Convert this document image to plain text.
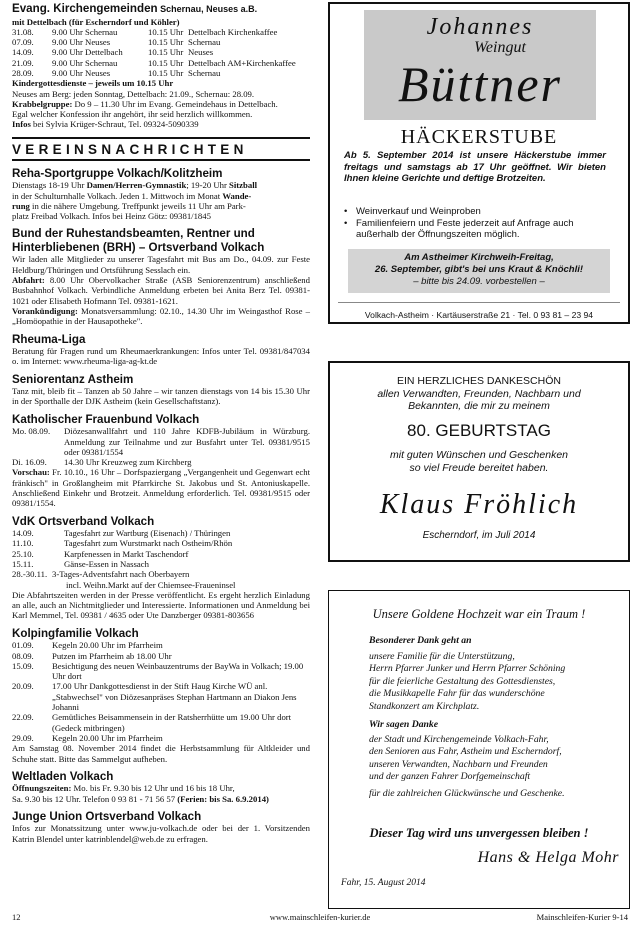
Evang. Kirchengemeinden Schernau, Neuses a.B.
mit Dettelbach (für Escherndorf und Köhler)
31.08.	9.00 Uhr Schernau	10.15 Uhr Dettelbach Kirchenkaffee
07.09.	9.00 Uhr Neuses	10.15 Uhr Schernau
14.09.	9.00 Uhr Dettelbach	10.15 Uhr Neuses
21.09.	9.00 Uhr Schernau	10.15 Uhr Dettelbach AM+Kirchenkaffee
28.09.	9.00 Uhr Neuses	10.15 Uhr Schernau
Kindergottesdienste – jeweils um 10.15 Uhr
Neuses am Berg: jeden Sonntag, Dettelbach: 21.09., Schernau: 28.09.
Krabbelgruppe: Do 9 – 11.30 Uhr im Evang. Gemeindehaus in Dettelbach.
Egal welcher Konfession ihr angehört, ihr seid herzlich willkommen.
Infos bei Sylvia Krüger-Schraut, Tel. 09324-5090339
VEREINSNACHRICHTEN
Reha-Sportgruppe Volkach/Kolitzheim
Dienstags 18-19 Uhr Damen/Herren-Gymnastik; 19-20 Uhr Sitzball
in der Schulturnhalle Volkach. Jeden 1. Mittwoch im Monat Wande-
rung in die nähere Umgebung. Treffpunkt jeweils 11 Uhr am Park-
platz Freibad Volkach. Infos bei Heinz Götz: 09381/1845
Bund der Ruhestandsbeamten, Rentner und Hinterbliebenen (BRH) – Ortsverband Volkach
Wir laden alle Mitglieder zu unserer Tagesfahrt mit Bus am Do., 04.09. zur Feste Heldburg/Thüringen und Ortsführung Sesslach ein.
Abfahrt: 8.00 Uhr Obervolkacher Straße (ASB Seniorenzentrum) anschließend Busbahnhof Volkach. Verbindliche Anmeldung erbeten bei Anita Berz Tel. 09381-1021 oder Elisabeth Hofmann Tel. 09381-1621.
Vorankündigung: Monatsversammlung: 02.10., 14.30 Uhr im Weingasthof Rose – „Homöopathie in der Hausapotheke".
Rheuma-Liga
Beratung für Fragen rund um Rheumaerkrankungen: Infos unter Tel. 09381/847034 o. im Internet: www.rheuma-liga-ag-kt.de
Seniorentanz Astheim
Tanz mit, bleib fit – Tanzen ab 50 Jahre – wir tanzen dienstags von 14 bis 15.30 Uhr in der Sporthalle der DJK Astheim (kein Gesellschaftstanz).
Katholischer Frauenbund Volkach
Mo. 08.09.	Diözesanwallfahrt und 110 Jahre KDFB-Jubiläum in Würzburg. Anmeldung zur Teilnahme und zur Busfahrt unter Tel. 09381/9515 oder 09381/1554
Di. 16.09.	14.30 Uhr Kreuzweg zum Kirchberg
Vorschau: Fr. 10.10., 16 Uhr – Dorfspaziergang „Vergangenheit und Gegenwart echt fränkisch" in Großlangheim mit Pfarrkirche St. Jakobus und St. Antoniuskapelle. Anschließend Einkehr und Brotzeit. Anmeldung erforderlich. Tel. 09381/9515 oder 09381/1554.
VdK Ortsverband Volkach
14.09.	Tagesfahrt zur Wartburg (Eisenach) / Thüringen
11.10.	Tagesfahrt zum Wurstmarkt nach Ostheim/Rhön
25.10.	Karpfenessen in Markt Taschendorf
15.11.	Gänse-Essen in Nassach
28.-30.11. 3-Tages-Adventsfahrt nach Oberbayern
incl. Weihn.Markt auf der Chiemsee-Fraueninsel
Die Abfahrtszeiten werden in der Presse veröffentlicht. Es ergeht herzlich Einladung an alle, auch an Nichtmitglieder und Interessierte. Informationen und Anmeldung bei Karl Memmel, Tel. 09381 / 4635 oder Ute Danzberger 09381-803656
Kolpingfamilie Volkach
01.09.	Kegeln 20.00 Uhr im Pfarrheim
08.09.	Putzen im Pfarrheim ab 18.00 Uhr
15.09.	Besichtigung des neuen Weinbauzentrums der BayWa in Volkach; 19.00 Uhr dort
20.09.	17.00 Uhr Dankgottesdienst in der Stift Haug Kirche WÜ anl. „Stabwechsel" von Diözesanpräses Stephan Hartmann an Diakon Jens Johanni
22.09.	Gemütliches Beisammensein in der Ratsherrhütte um 19.00 Uhr dort (Gedeck mitbringen)
29.09.	Kegeln 20.00 Uhr im Pfarrheim
Am Samstag 08. November 2014 findet die Herbstsammlung für Altkleider und Schuhe statt. Bitte das Sammelgut aufheben.
Weltladen Volkach
Öffnungszeiten: Mo. bis Fr. 9.30 bis 12 Uhr und 16 bis 18 Uhr,
Sa. 9.30 bis 12 Uhr. Telefon 0 93 81 - 71 56 57 (Ferien: bis Sa. 6.9.2014)
Junge Union Ortsverband Volkach
Infos zur Monatssitzung unter www.ju-volkach.de oder bei der 1. Vorsitzenden Katrin Blendel unter katrinblendel@web.de zu erfragen.
Johannes
Weingut
Büttner
HÄCKERSTUBE
Ab 5. September 2014 ist unsere Häckerstube immer freitags und samstags ab 17 Uhr geöffnet. Wir bieten Ihnen kleine Gerichte und deftige Brotzeiten.
• Weinverkauf und Weinproben
• Familienfeiern und Feste jederzeit auf Anfrage auch außerhalb der Öffnungszeiten möglich.
Am Astheimer Kirchweih-Freitag,
26. September, gibt's bei uns Kraut & Knöchli!
– bitte bis 24.09. vorbestellen –
Volkach-Astheim · Kartäuserstraße 21 · Tel. 0 93 81 – 23 94
EIN HERZLICHES DANKESCHÖN
allen Verwandten, Freunden, Nachbarn und
Bekannten, die mir zu meinem
80. GEBURTSTAG
mit guten Wünschen und Geschenken
so viel Freude bereitet haben.
Klaus Fröhlich
Escherndorf, im Juli 2014
Unsere Goldene Hochzeit war ein Traum !
Besonderer Dank geht an
unsere Familie für die Unterstützung,
Herrn Pfarrer Junker und Herrn Pfarrer Schöning
für die feierliche Gestaltung des Gottesdienstes,
die Musikkapelle Fahr für das wunderschöne
Standkonzert am Kirchplatz.
Wir sagen Danke
der Stadt und Kirchengemeinde Volkach-Fahr,
den Senioren aus Fahr, Astheim und Escherndorf,
unseren Verwandten, Nachbarn und Freunden
und der ganzen Fahrer Dorfgemeinschaft
für die zahlreichen Glückwünsche und Geschenke.
Dieser Tag wird uns unvergessen bleiben !
Hans & Helga Mohr
Fahr, 15. August 2014
12	www.mainschleifen-kurier.de	Mainschleifen-Kurier 9-14
